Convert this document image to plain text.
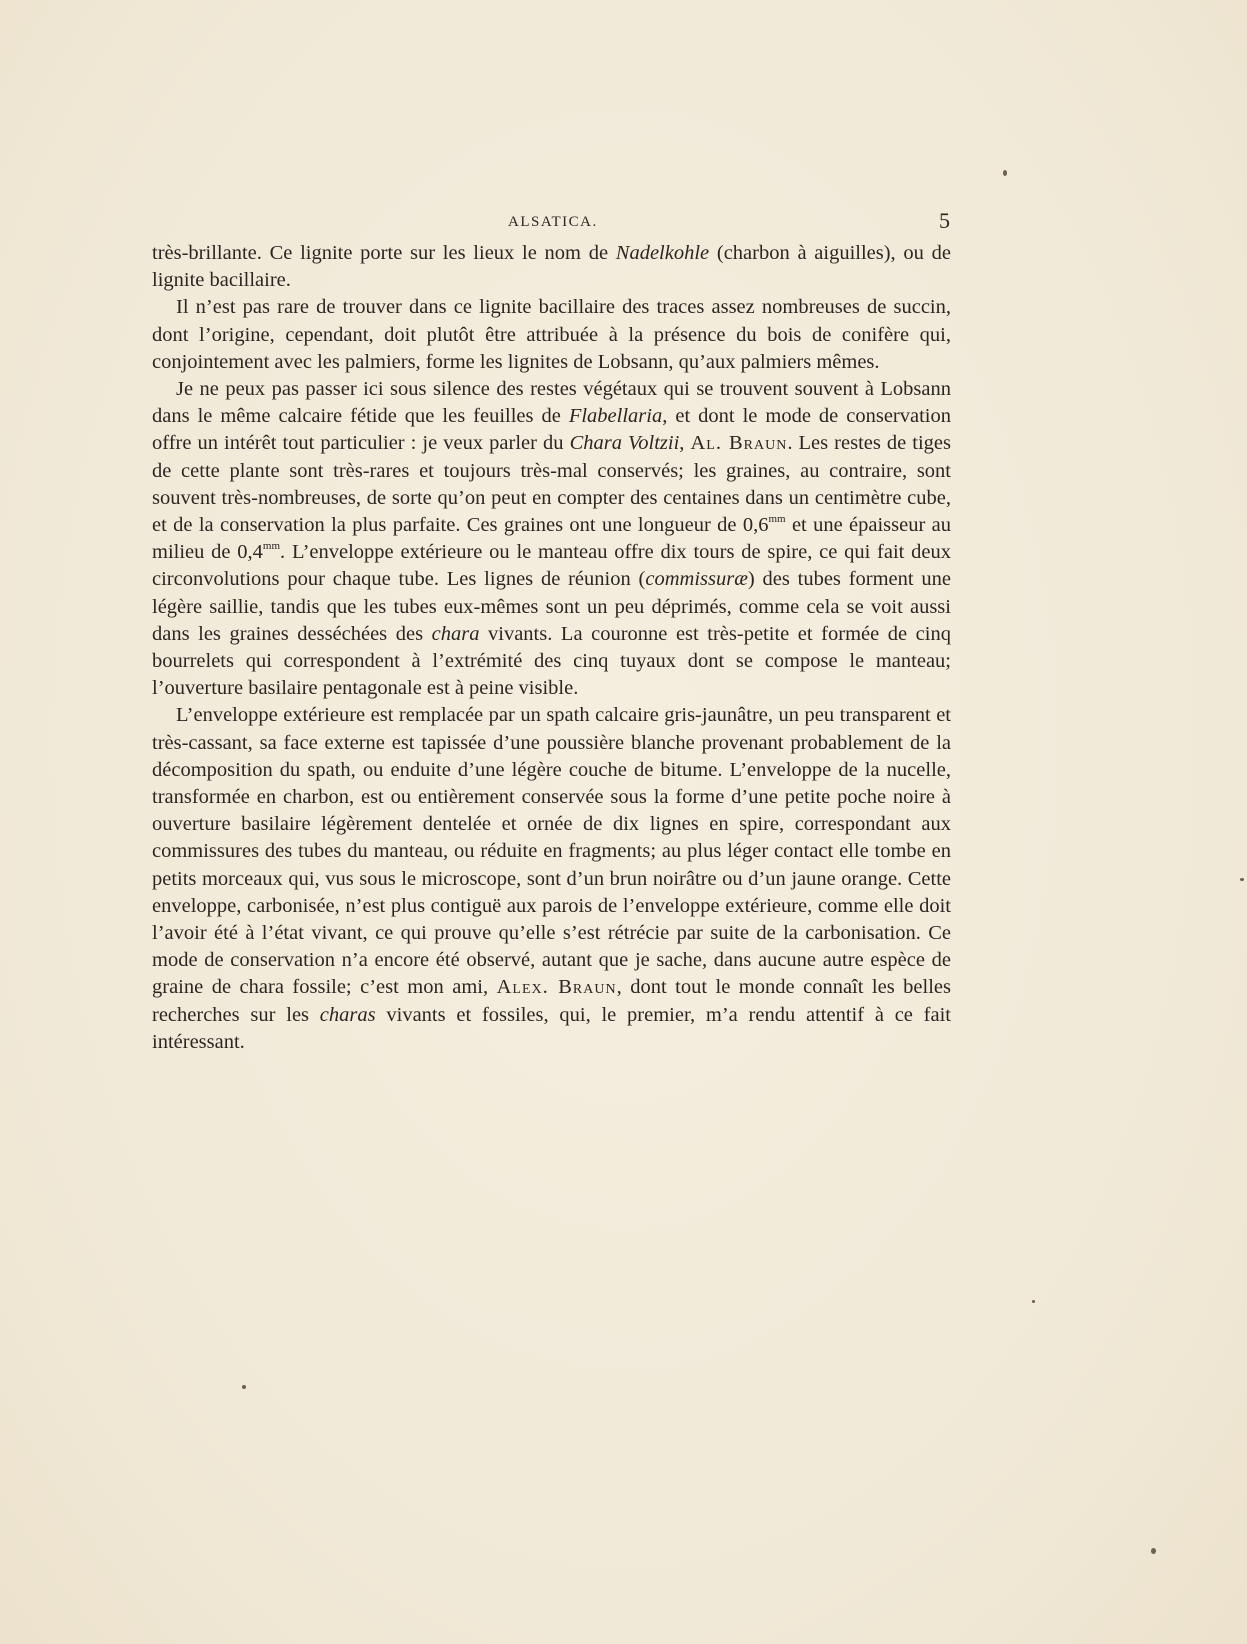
ALSATICA.	5

très-brillante. Ce lignite porte sur les lieux le nom de Nadelkohle (charbon à aiguilles), ou de lignite bacillaire.

Il n’est pas rare de trouver dans ce lignite bacillaire des traces assez nombreuses de succin, dont l’origine, cependant, doit plutôt être attribuée à la présence du bois de conifère qui, conjointement avec les palmiers, forme les lignites de Lobsann, qu’aux palmiers mêmes.

Je ne peux pas passer ici sous silence des restes végétaux qui se trouvent souvent à Lobsann dans le même calcaire fétide que les feuilles de Flabellaria, et dont le mode de conservation offre un intérêt tout particulier : je veux parler du Chara Voltzii, Al. Braun. Les restes de tiges de cette plante sont très-rares et toujours très-mal conservés; les graines, au contraire, sont souvent très-nombreuses, de sorte qu’on peut en compter des centaines dans un centimètre cube, et de la conservation la plus parfaite. Ces graines ont une longueur de $0,6^{mm}$ et une épaisseur au milieu de $0,4^{mm}$. L’enveloppe extérieure ou le manteau offre dix tours de spire, ce qui fait deux circonvolutions pour chaque tube. Les lignes de réunion (commissuræ) des tubes forment une légère saillie, tandis que les tubes eux-mêmes sont un peu déprimés, comme cela se voit aussi dans les graines desséchées des chara vivants. La couronne est très-petite et formée de cinq bourrelets qui correspondent à l’extrémité des cinq tuyaux dont se compose le manteau; l’ouverture basilaire pentagonale est à peine visible.

L’enveloppe extérieure est remplacée par un spath calcaire gris-jaunâtre, un peu transparent et très-cassant, sa face externe est tapissée d’une poussière blanche provenant probablement de la décomposition du spath, ou enduite d’une légère couche de bitume. L’enveloppe de la nucelle, transformée en charbon, est ou entièrement conservée sous la forme d’une petite poche noire à ouverture basilaire légèrement dentelée et ornée de dix lignes en spire, correspondant aux commissures des tubes du manteau, ou réduite en fragments; au plus léger contact elle tombe en petits morceaux qui, vus sous le microscope, sont d’un brun noirâtre ou d’un jaune orange. Cette enveloppe, carbonisée, n’est plus contiguë aux parois de l’enveloppe extérieure, comme elle doit l’avoir été à l’état vivant, ce qui prouve qu’elle s’est rétrécie par suite de la carbonisation. Ce mode de conservation n’a encore été observé, autant que je sache, dans aucune autre espèce de graine de chara fossile; c’est mon ami, Alex. Braun, dont tout le monde connaît les belles recherches sur les charas vivants et fossiles, qui, le premier, m’a rendu attentif à ce fait intéressant.
